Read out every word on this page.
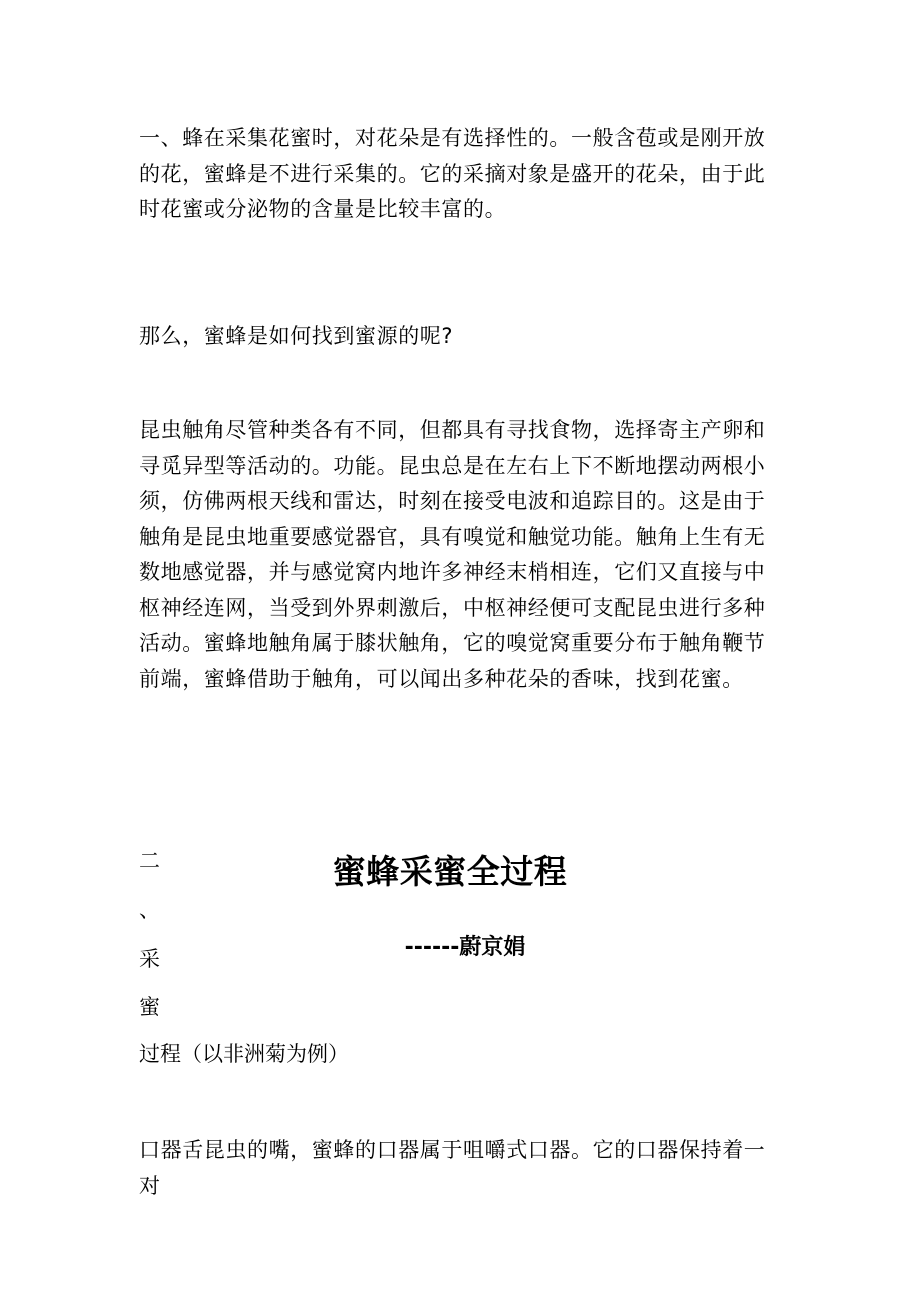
一、蜂在采集花蜜时，对花朵是有选择性的。一般含苞或是刚开放的花，蜜蜂是不进行采集的。它的采摘对象是盛开的花朵，由于此时花蜜或分泌物的含量是比较丰富的。

那么，蜜蜂是如何找到蜜源的呢?

昆虫触角尽管种类各有不同，但都具有寻找食物，选择寄主产卵和寻觅异型等活动的。功能。昆虫总是在左右上下不断地摆动两根小须，仿佛两根天线和雷达，时刻在接受电波和追踪目的。这是由于触角是昆虫地重要感觉器官，具有嗅觉和触觉功能。触角上生有无数地感觉器，并与感觉窝内地许多神经末梢相连，它们又直接与中枢神经连网，当受到外界刺激后，中枢神经便可支配昆虫进行多种活动。蜜蜂地触角属于膝状触角，它的嗅觉窝重要分布于触角鞭节前端，蜜蜂借助于触角，可以闻出多种花朵的香味，找到花蜜。

二

、

采

蜜

过程（以非洲菊为例）

蜜蜂采蜜全过程

------蔚京娟

口器舌昆虫的嘴，蜜蜂的口器属于咀嚼式口器。它的口器保持着一对
